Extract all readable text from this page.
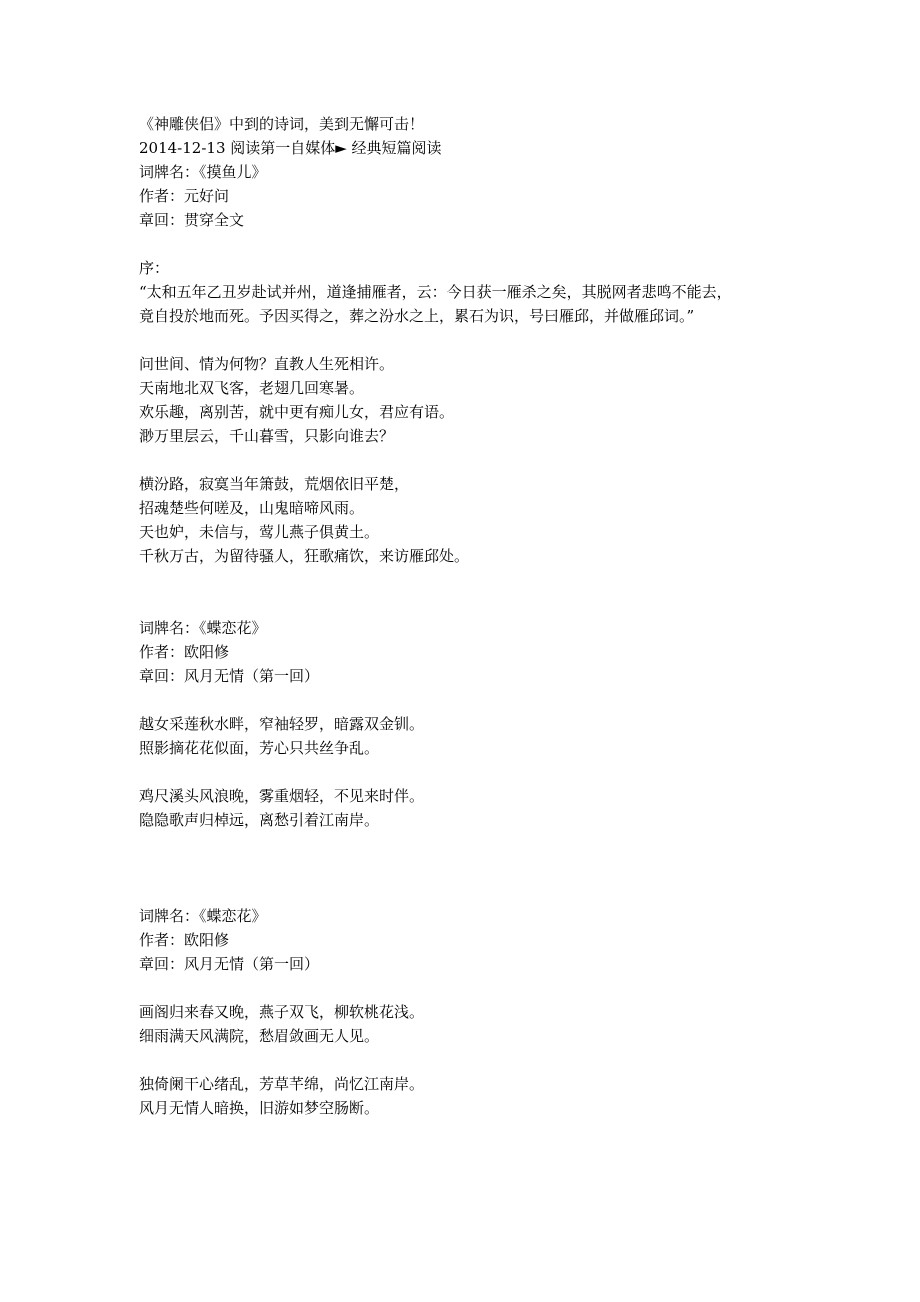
《神雕侠侣》中到的诗词，美到无懈可击！
2014-12-13 阅读第一自媒体► 经典短篇阅读
词牌名：《摸鱼儿》
作者：元好问
章回：贯穿全文
序：
“太和五年乙丑岁赴试并州，道逢捕雁者，云：今日获一雁杀之矣，其脱网者悲鸣不能去，
竟自投於地而死。予因买得之，葬之汾水之上，累石为识，号曰雁邱，并做雁邱词。”
问世间、情为何物？直教人生死相许。
天南地北双飞客，老翅几回寒暑。
欢乐趣，离别苦，就中更有痴儿女，君应有语。
渺万里层云，千山暮雪，只影向谁去？
横汾路，寂寞当年箫鼓，荒烟依旧平楚，
招魂楚些何嗟及，山鬼暗啼风雨。
天也妒，未信与，莺儿燕子俱黄土。
千秋万古，为留待骚人，狂歌痛饮，来访雁邱处。
词牌名：《蝶恋花》
作者：欧阳修
章回：风月无情（第一回）
越女采莲秋水畔，窄袖轻罗，暗露双金钏。
照影摘花花似面，芳心只共丝争乱。
鸡尺溪头风浪晚，雾重烟轻，不见来时伴。
隐隐歌声归棹远，离愁引着江南岸。
词牌名：《蝶恋花》
作者：欧阳修
章回：风月无情（第一回）
画阁归来春又晚，燕子双飞，柳软桃花浅。
细雨满天风满院，愁眉敛画无人见。
独倚阑干心绪乱，芳草芊绵，尚忆江南岸。
风月无情人暗换，旧游如梦空肠断。
